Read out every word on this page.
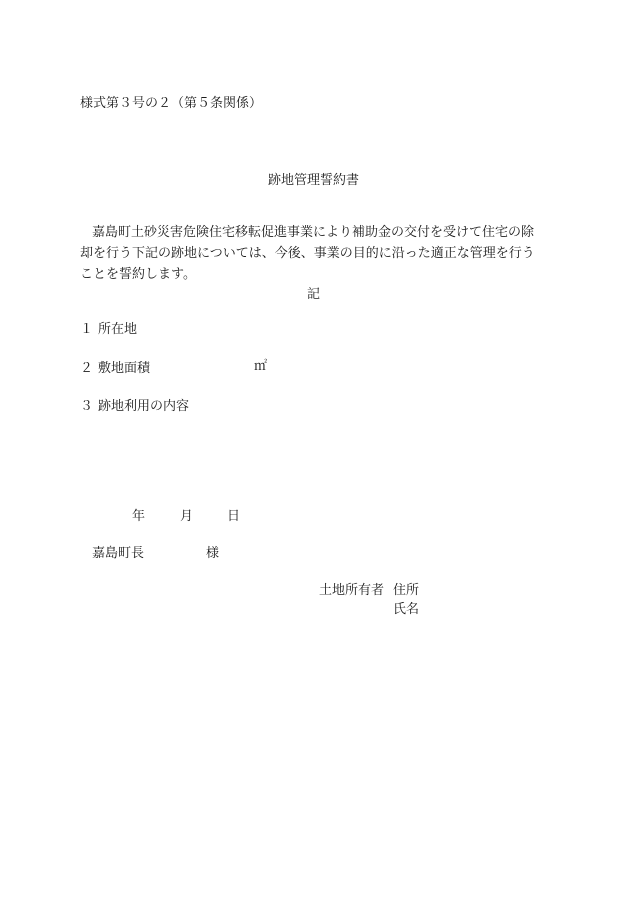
様式第３号の２（第５条関係）
跡地管理誓約書
嘉島町土砂災害危険住宅移転促進事業により補助金の交付を受けて住宅の除
却を行う下記の跡地については、今後、事業の目的に沿った適正な管理を行う
ことを誓約します。
記
１ 所在地
２ 敷地面積	㎡
３ 跡地利用の内容
年	月	日
嘉島町長	様
土地所有者 住所
氏名
